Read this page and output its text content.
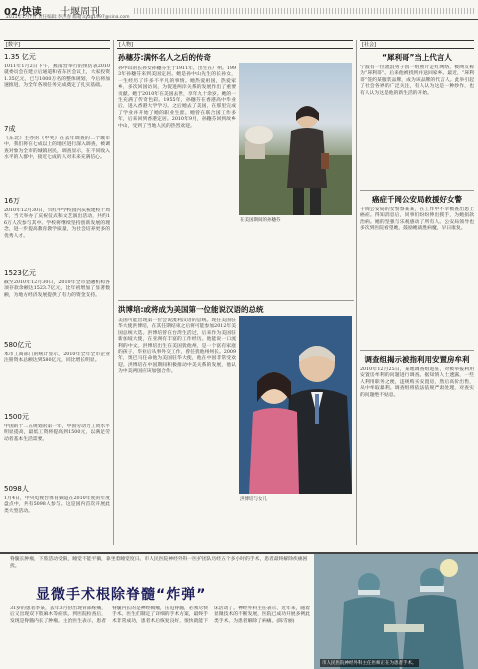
02/快读 十堰周刊
2011年1月7日 责任编辑:李洪春 邮箱:syzg1997@sina.com
[数字]
1.35 亿元
1011年1月2日下午，燕南营举行的预估表2010就委员会在建立后通道和省东区会议上，大家投资1.35亿元，已与1000万名的整体规划，今后将加速推进，为全年各项任务完成奠定了扎实基础。
7成
《东北》主办的《中奖》在去年调查的二个城市中，我们将在七成以上的地区进行深入调查，被调查对象为全市的城镇居民，调查显示，在不同收入水平的人群中，接近七成的人对未来充满信心。
16万
2010年12月30日，兴红中学校园内庆祝建校十周年，当天举办了庆祝仪式和文艺演出活动，共约16万人次参与其中。学校将继续坚持创新发展的理念，进一步提高教育教学质量，为社会培养更多的优秀人才。
1523亿元
截至2010年12月30日，2010年全市金融机构各项存款余额达1523.7亿元，比年初增加了显著数额，为地方经济发展提供了有力的资金支持。
580亿元
本市工商部门的统计显示，2010年全年全市企业注册资本总额达到580亿元，同比增长明显。
1500元
中国的十二五规划的第一年，中国劳动力工资水平明显提高，最低工资将提高到1500元，以满足劳动者基本生活需要。
5098人
1月4日，中央电视台体育频道在2010年度的年度盘点中，共有5098人参与。这是国内首次开展此类大型活动。
[人物]
孙穗芬:满怀名人之后的传奇
孙中山的长孙女孙穗芬生于1911年，出生在广州。1993年孙穗芬来到美国定居。她是孙中山先生的长孙女，一生经历了许多不平凡的事情。她热爱祖国，热爱家乡，多次回国访问，为促进两岸关系的发展作出了重要贡献。她于2010年在美国去世，享年九十余岁。她的一生充满了传奇色彩。1955年，孙穗芬在香港高中毕业后，进入香港大学学习。之后她去了美国，在那里完成了学业并开始了她的职业生涯。她曾在联合国工作多年，后来回到香港定居。2010年9月，孙穗芬回到故乡中山，受到了当地人民的热烈欢迎。
在美国期间的孙穗芬
洪博培:或将成为美国第一位能说汉语的总统
美国可能出现第一位会说流利汉语的总统。现任美国驻华大使洪博培，在其任期结束之后将可能参加2012年美国总统大选。洪博培曾在台湾生活过，后来作为美国驻新加坡大使，在亚洲有丰富的工作经历。他能说一口流利的中文。洪博培出生在美国犹他州，是一个富有家庭的孩子，毕业后从事外交工作，曾任犹他州州长。2009年，奥巴马任命他为美国驻华大使，他在中国非常受欢迎。洪博培在中国期间积极推动中美关系的发展，他认为中美两国应该加强合作。
洪博培与女儿
[社会]
“犀利哥”当上代言人
宁波有一位流浪男子因一组照片走红网络，被网友称为“犀利哥”。后来他被找到并送回家乡。最近，“犀利哥”签约某服装品牌，成为该品牌的代言人。此举引起了社会各界的广泛关注，有人认为这是一种炒作，也有人认为这是他的新生活的开始。
癌症千岡公安局救援好女警
千岡公安局的女警察某某，在工作中不幸被查出患上癌症。得知消息后，同事们纷纷伸出援手，为她捐款治病。她的坚强与乐观感动了所有人。公安局领导也多次到医院看望她，鼓励她战胜病魔，早日康复。
调查组揭示被指利用安置房牟利
2010年12月25日，某地调查组进驻，对被举报利用安置房牟利的问题进行调查。据知情人士透露，一些人利用职务之便，违规购买安置房，然后高价出售，从中牟取暴利。调查组将依法依规严肃处理，对查实的问题绝不姑息。
脊髓长肿瘤，下肢活动受限，睡觉不能平躺，靠坐着睡觉度日。市人民医院神经外科一医护团队历经五个多小时的手术，患者最终解除疾痛困扰。
显微手术根除脊髓“炸弹”
31岁的患者李某，去年3月份出现背部疼痛，后又出现双下肢麻木等症状。到医院检查后，发现是脊髓内长了肿瘤。主治医生表示，患者脊髓内长的是神经鞘瘤，压迫脊髓，必须尽快手术。医生们制定了详细的手术方案，最终手术非常成功，患者术后恢复良好，很快就能下床活动了。神经外科主任表示，近年来，随着显微技术的不断发展，医院已成功开展多例此类手术，为患者解除了病痛。(陈雪丽)
市人民医院神经外科主任医师正在为患者手术。
